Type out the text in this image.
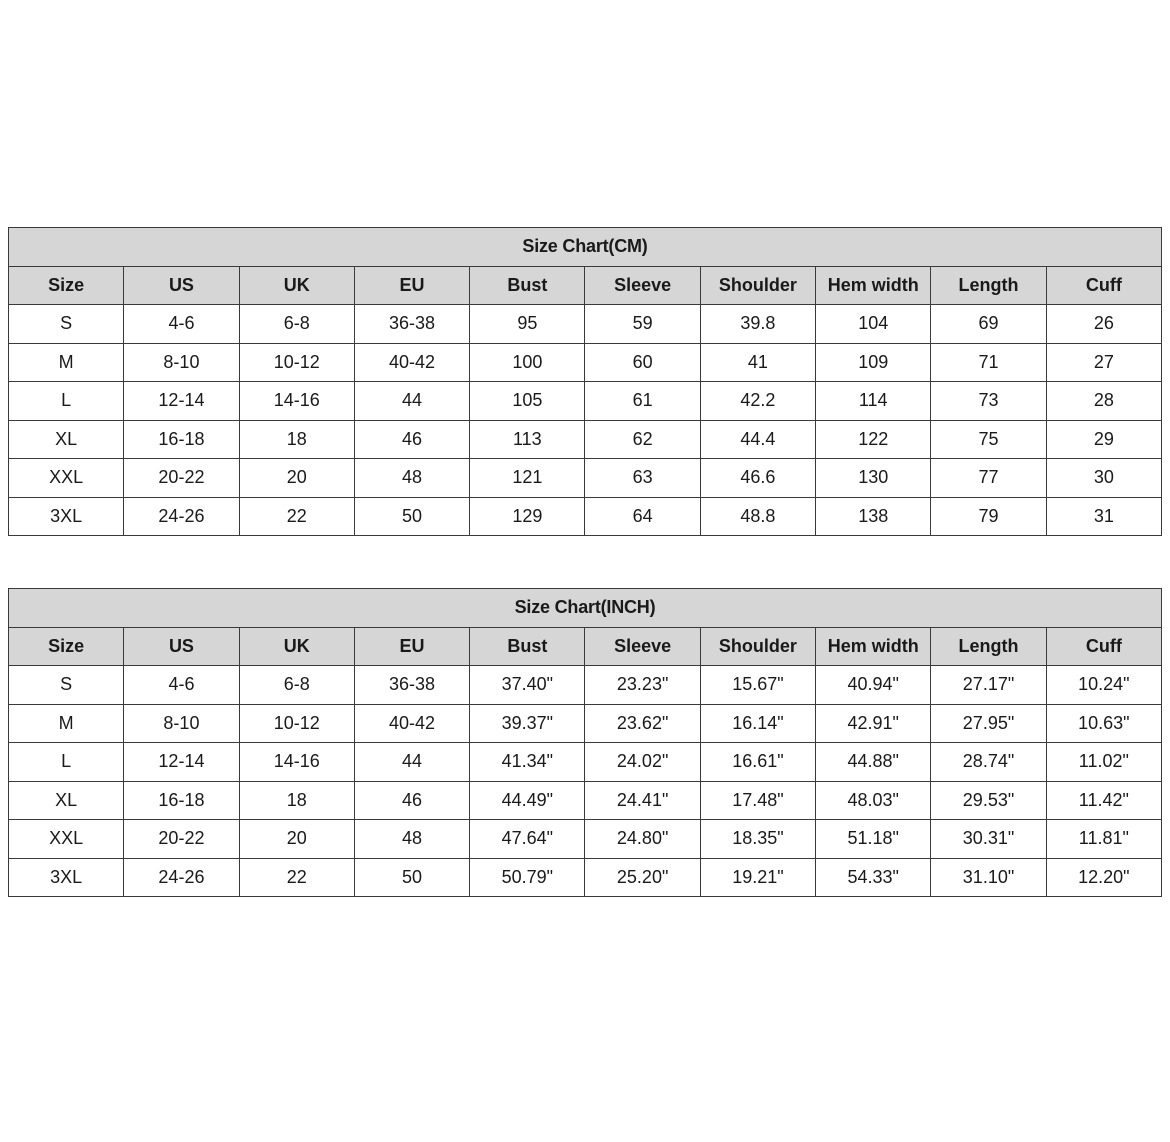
Size Chart(CM)									
Size	US	UK	EU	Bust	Sleeve	Shoulder	Hem width	Length	Cuff
S	4-6	6-8	36-38	95	59	39.8	104	69	26
M	8-10	10-12	40-42	100	60	41	109	71	27
L	12-14	14-16	44	105	61	42.2	114	73	28
XL	16-18	18	46	113	62	44.4	122	75	29
XXL	20-22	20	48	121	63	46.6	130	77	30
3XL	24-26	22	50	129	64	48.8	138	79	31
Size Chart(INCH)									
Size	US	UK	EU	Bust	Sleeve	Shoulder	Hem width	Length	Cuff
S	4-6	6-8	36-38	37.40"	23.23"	15.67"	40.94"	27.17"	10.24"
M	8-10	10-12	40-42	39.37"	23.62"	16.14"	42.91"	27.95"	10.63"
L	12-14	14-16	44	41.34"	24.02"	16.61"	44.88"	28.74"	11.02"
XL	16-18	18	46	44.49"	24.41"	17.48"	48.03"	29.53"	11.42"
XXL	20-22	20	48	47.64"	24.80"	18.35"	51.18"	30.31"	11.81"
3XL	24-26	22	50	50.79"	25.20"	19.21"	54.33"	31.10"	12.20"
